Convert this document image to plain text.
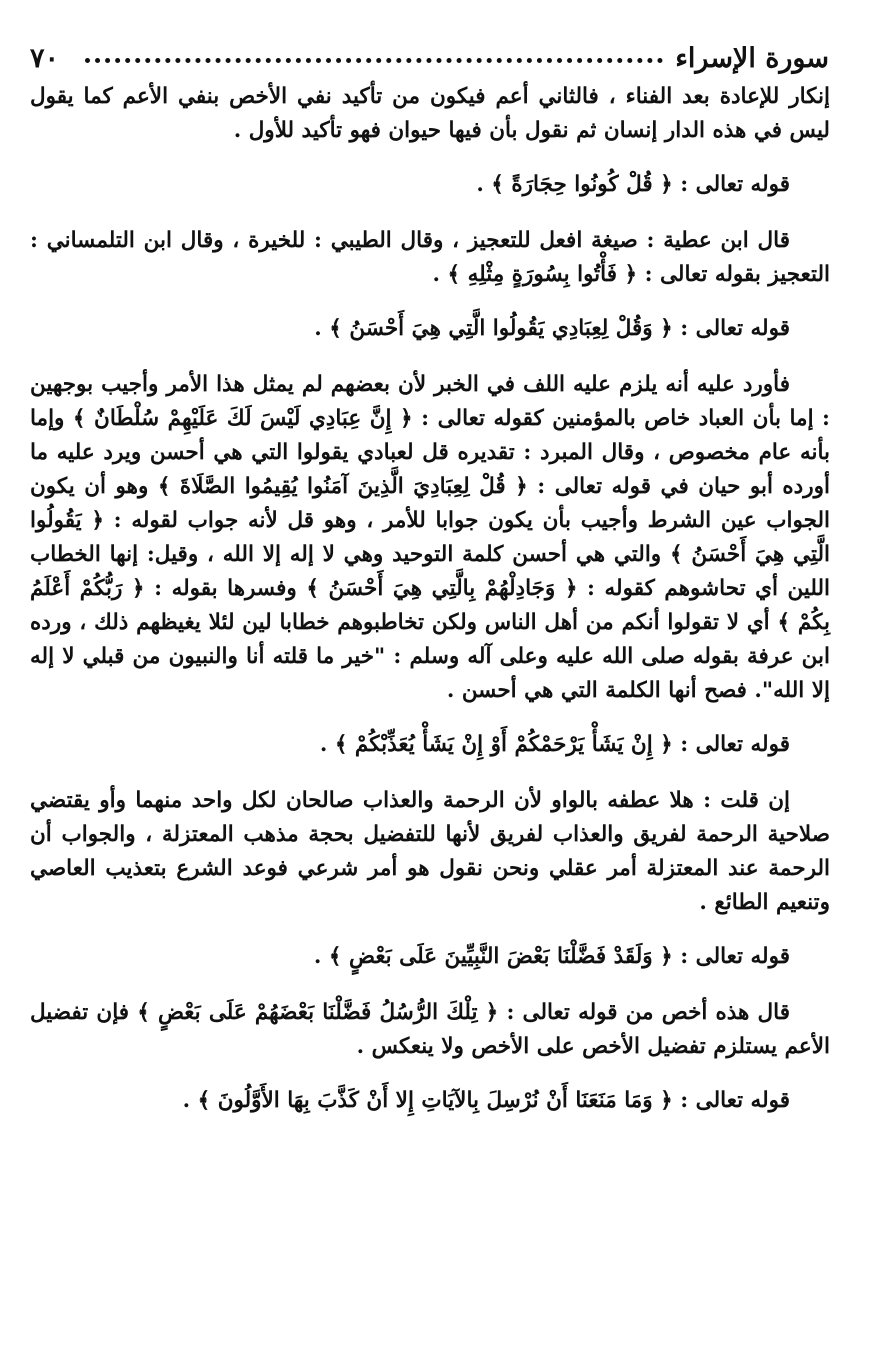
٧٠	سورة الإسراء

إنكار للإعادة بعد الفناء ، فالثاني أعم فيكون من تأكيد نفي الأخص بنفي الأعم كما يقول ليس في هذه الدار إنسان ثم نقول بأن فيها حيوان فهو تأكيد للأول .

قوله تعالى : ﴿ قُلْ كُونُوا حِجَارَةً ﴾ .

قال ابن عطية : صيغة افعل للتعجيز ، وقال الطيبي : للخيرة ، وقال ابن التلمساني : التعجيز بقوله تعالى : ﴿ فَأْتُوا بِسُورَةٍ مِثْلِهِ ﴾ .

قوله تعالى : ﴿ وَقُلْ لِعِبَادِي يَقُولُوا الَّتِي هِيَ أَحْسَنُ ﴾ .

فأورد عليه أنه يلزم عليه اللف في الخبر لأن بعضهم لم يمثل هذا الأمر وأجيب بوجهين : إما بأن العباد خاص بالمؤمنين كقوله تعالى : ﴿ إِنَّ عِبَادِي لَيْسَ لَكَ عَلَيْهِمْ سُلْطَانٌ ﴾ وإما بأنه عام مخصوص ، وقال المبرد : تقديره قل لعبادي يقولوا التي هي أحسن ويرد عليه ما أورده أبو حيان في قوله تعالى : ﴿ قُلْ لِعِبَادِيَ الَّذِينَ آمَنُوا يُقِيمُوا الصَّلَاةَ ﴾ وهو أن يكون الجواب عين الشرط وأجيب بأن يكون جوابا للأمر ، وهو قل لأنه جواب لقوله : ﴿ يَقُولُوا الَّتِي هِيَ أَحْسَنُ ﴾ والتي هي أحسن كلمة التوحيد وهي لا إله إلا الله ، وقيل: إنها الخطاب اللين أي تحاشوهم كقوله : ﴿ وَجَادِلْهُمْ بِالَّتِي هِيَ أَحْسَنُ ﴾ وفسرها بقوله : ﴿ رَبُّكُمْ أَعْلَمُ بِكُمْ ﴾ أي لا تقولوا أنكم من أهل الناس ولكن تخاطبوهم خطابا لين لئلا يغيظهم ذلك ، ورده ابن عرفة بقوله صلى الله عليه وعلى آله وسلم : "خير ما قلته أنا والنبيون من قبلي لا إله إلا الله". فصح أنها الكلمة التي هي أحسن .

قوله تعالى : ﴿ إِنْ يَشَأْ يَرْحَمْكُمْ أَوْ إِنْ يَشَأْ يُعَذِّبْكُمْ ﴾ .

إن قلت : هلا عطفه بالواو لأن الرحمة والعذاب صالحان لكل واحد منهما وأو يقتضي صلاحية الرحمة لفريق والعذاب لفريق لأنها للتفضيل بحجة مذهب المعتزلة ، والجواب أن الرحمة عند المعتزلة أمر عقلي ونحن نقول هو أمر شرعي فوعد الشرع بتعذيب العاصي وتنعيم الطائع .

قوله تعالى : ﴿ وَلَقَدْ فَضَّلْنَا بَعْضَ النَّبِيِّينَ عَلَى بَعْضٍ ﴾ .

قال هذه أخص من قوله تعالى : ﴿ تِلْكَ الرُّسُلُ فَضَّلْنَا بَعْضَهُمْ عَلَى بَعْضٍ ﴾ فإن تفضيل الأعم يستلزم تفضيل الأخص على الأخص ولا ينعكس .

قوله تعالى : ﴿ وَمَا مَنَعَنَا أَنْ نُرْسِلَ بِالآيَاتِ إِلا أَنْ كَذَّبَ بِهَا الأَوَّلُونَ ﴾ .
